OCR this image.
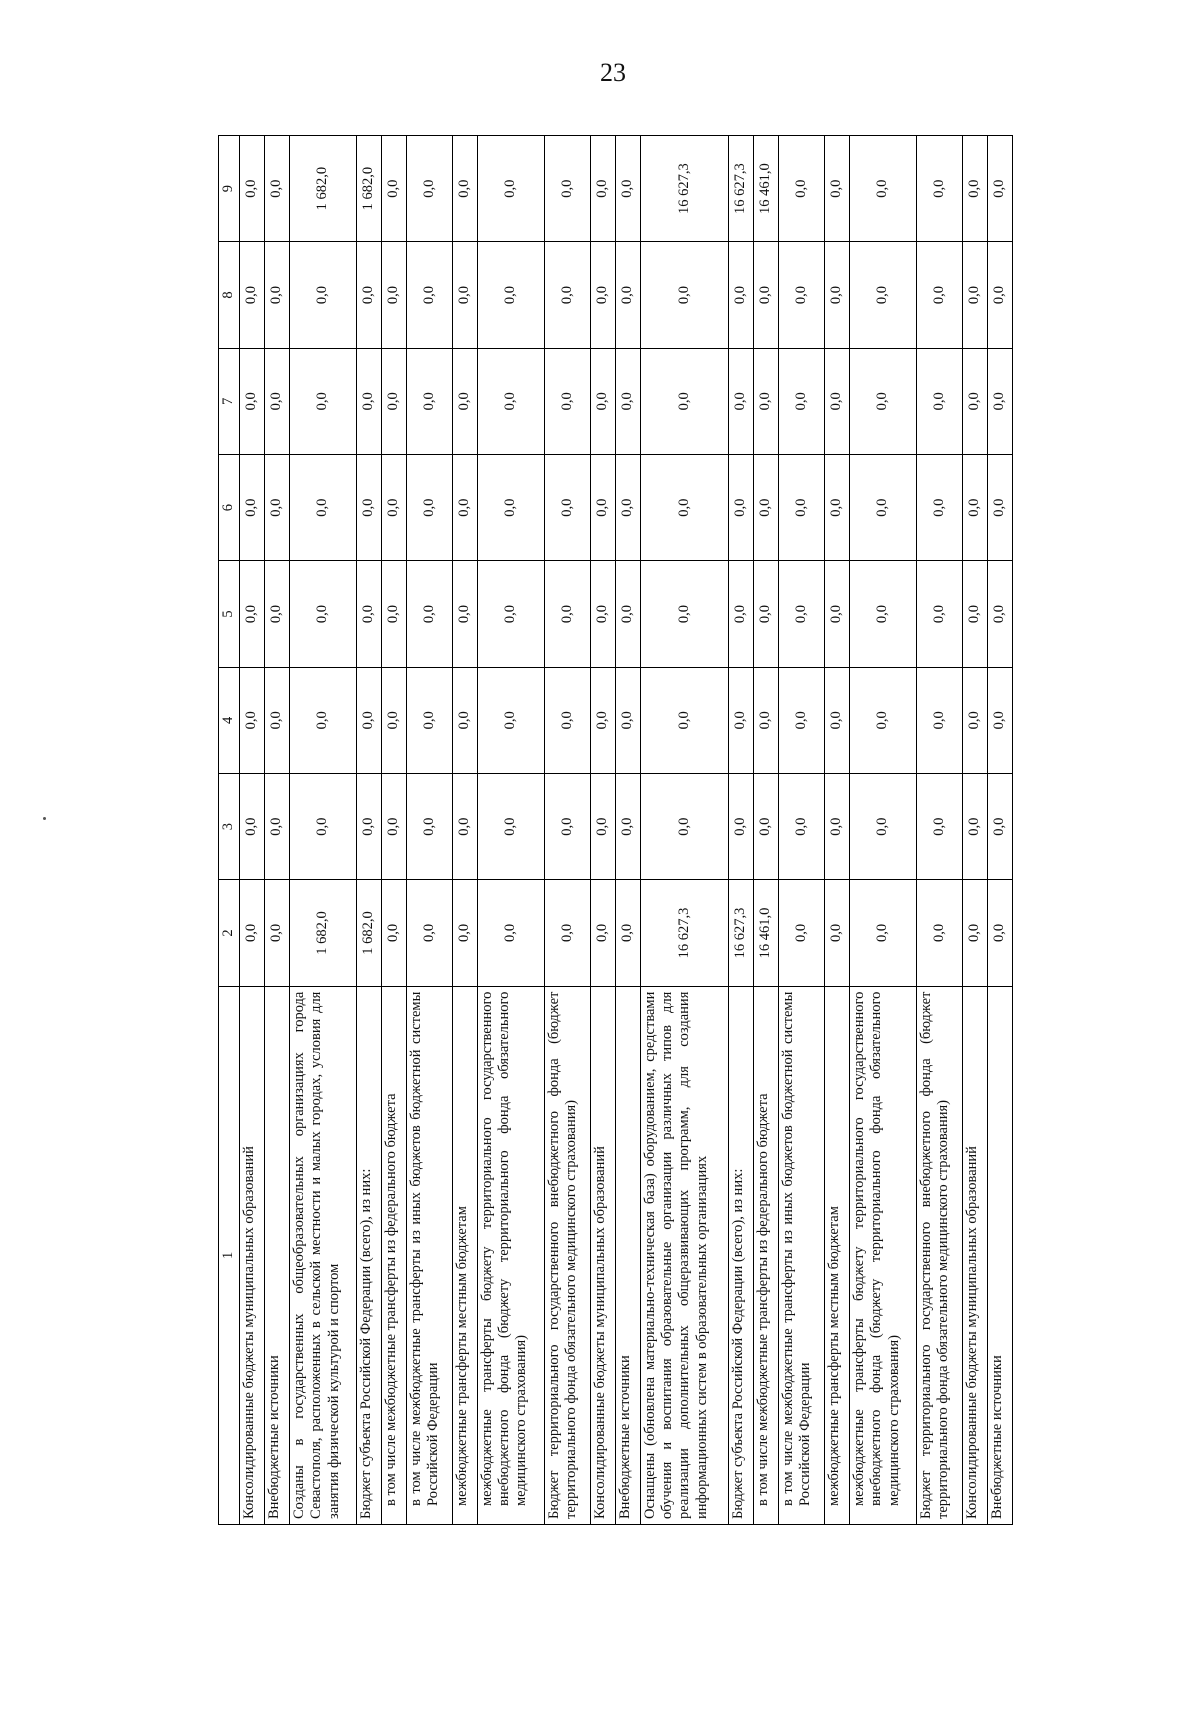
23
1	2	3	4	5	6	7	8	9
Консолидированные бюджеты муниципальных образований	0,0	0,0	0,0	0,0	0,0	0,0	0,0	0,0
Внебюджетные источники	0,0	0,0	0,0	0,0	0,0	0,0	0,0	0,0
Созданы в государственных общеобразовательных организациях города Севастополя, расположенных в сельской местности и малых городах, условия для занятия физической культурой и спортом	1 682,0	0,0	0,0	0,0	0,0	0,0	0,0	1 682,0
Бюджет субъекта Российской Федерации (всего), из них:	1 682,0	0,0	0,0	0,0	0,0	0,0	0,0	1 682,0
в том числе межбюджетные трансферты из федерального бюджета	0,0	0,0	0,0	0,0	0,0	0,0	0,0	0,0
в том числе межбюджетные трансферты из иных бюджетов бюджетной системы Российской Федерации	0,0	0,0	0,0	0,0	0,0	0,0	0,0	0,0
межбюджетные трансферты местным бюджетам	0,0	0,0	0,0	0,0	0,0	0,0	0,0	0,0
межбюджетные трансферты бюджету территориального государственного внебюджетного фонда (бюджету территориального фонда обязательного медицинского страхования)	0,0	0,0	0,0	0,0	0,0	0,0	0,0	0,0
Бюджет территориального государственного внебюджетного фонда (бюджет территориального фонда обязательного медицинского страхования)	0,0	0,0	0,0	0,0	0,0	0,0	0,0	0,0
Консолидированные бюджеты муниципальных образований	0,0	0,0	0,0	0,0	0,0	0,0	0,0	0,0
Внебюджетные источники	0,0	0,0	0,0	0,0	0,0	0,0	0,0	0,0
Оснащены (обновлена материально-техническая база) оборудованием, средствами обучения и воспитания образовательные организации различных типов для реализации дополнительных общеразвивающих программ, для создания информационных систем в образовательных организациях	16 627,3	0,0	0,0	0,0	0,0	0,0	0,0	16 627,3
Бюджет субъекта Российской Федерации (всего), из них:	16 627,3	0,0	0,0	0,0	0,0	0,0	0,0	16 627,3
в том числе межбюджетные трансферты из федерального бюджета	16 461,0	0,0	0,0	0,0	0,0	0,0	0,0	16 461,0
в том числе межбюджетные трансферты из иных бюджетов бюджетной системы Российской Федерации	0,0	0,0	0,0	0,0	0,0	0,0	0,0	0,0
межбюджетные трансферты местным бюджетам	0,0	0,0	0,0	0,0	0,0	0,0	0,0	0,0
межбюджетные трансферты бюджету территориального государственного внебюджетного фонда (бюджету территориального фонда обязательного медицинского страхования)	0,0	0,0	0,0	0,0	0,0	0,0	0,0	0,0
Бюджет территориального государственного внебюджетного фонда (бюджет территориального фонда обязательного медицинского страхования)	0,0	0,0	0,0	0,0	0,0	0,0	0,0	0,0
Консолидированные бюджеты муниципальных образований	0,0	0,0	0,0	0,0	0,0	0,0	0,0	0,0
Внебюджетные источники	0,0	0,0	0,0	0,0	0,0	0,0	0,0	0,0
